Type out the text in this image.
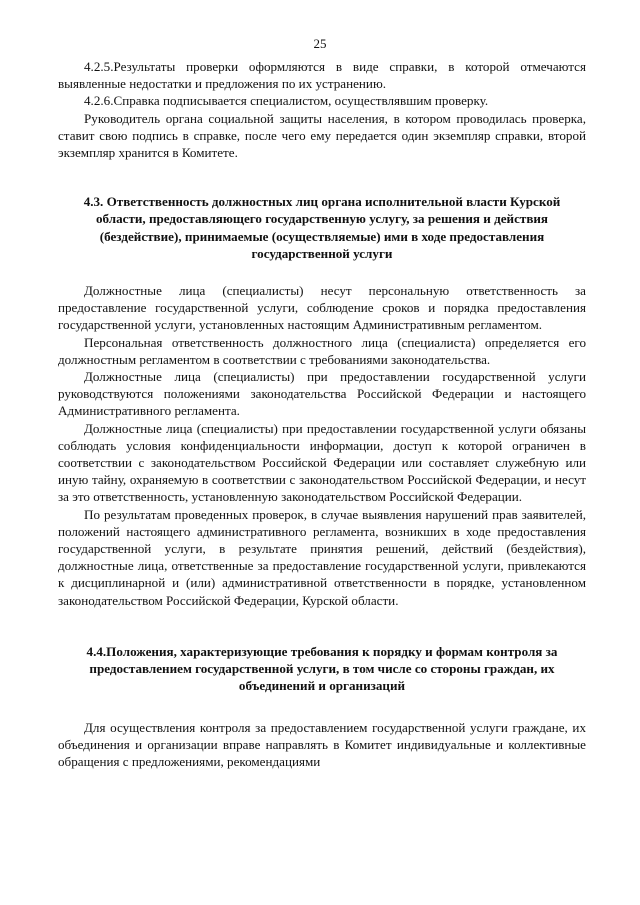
25

4.2.5.Результаты проверки оформляются в виде справки, в которой отмечаются выявленные недостатки и предложения по их устранению.

4.2.6.Справка подписывается специалистом, осуществлявшим проверку.

Руководитель органа социальной защиты населения, в котором проводилась проверка, ставит свою подпись в справке, после чего ему передается один экземпляр справки, второй экземпляр хранится в Комитете.

4.3. Ответственность должностных лиц органа исполнительной власти Курской области, предоставляющего государственную услугу, за решения и действия (бездействие), принимаемые (осуществляемые) ими в ходе предоставления государственной услуги

Должностные лица (специалисты) несут персональную ответственность за предоставление государственной услуги, соблюдение сроков и порядка предоставления государственной услуги, установленных настоящим Административным регламентом.

Персональная ответственность должностного лица (специалиста) определяется его должностным регламентом в соответствии с требованиями законодательства.

Должностные лица (специалисты) при предоставлении государственной услуги руководствуются положениями законодательства Российской Федерации и настоящего Административного регламента.

Должностные лица (специалисты) при предоставлении государственной услуги обязаны соблюдать условия конфиденциальности информации, доступ к которой ограничен в соответствии с законодательством Российской Федерации или составляет служебную или иную тайну, охраняемую в соответствии с законодательством Российской Федерации, и несут за это ответственность, установленную законодательством Российской Федерации.

По результатам проведенных проверок, в случае выявления нарушений прав заявителей, положений настоящего административного регламента, возникших в ходе предоставления государственной услуги, в результате принятия решений, действий (бездействия), должностные лица, ответственные за предоставление государственной услуги, привлекаются к дисциплинарной и (или) административной ответственности в порядке, установленном законодательством Российской Федерации, Курской области.

4.4.Положения, характеризующие требования к порядку и формам контроля за предоставлением государственной услуги, в том числе со стороны граждан, их объединений и организаций

Для осуществления контроля за предоставлением государственной услуги граждане, их объединения и организации вправе направлять в Комитет индивидуальные и коллективные обращения с предложениями, рекомендациями
